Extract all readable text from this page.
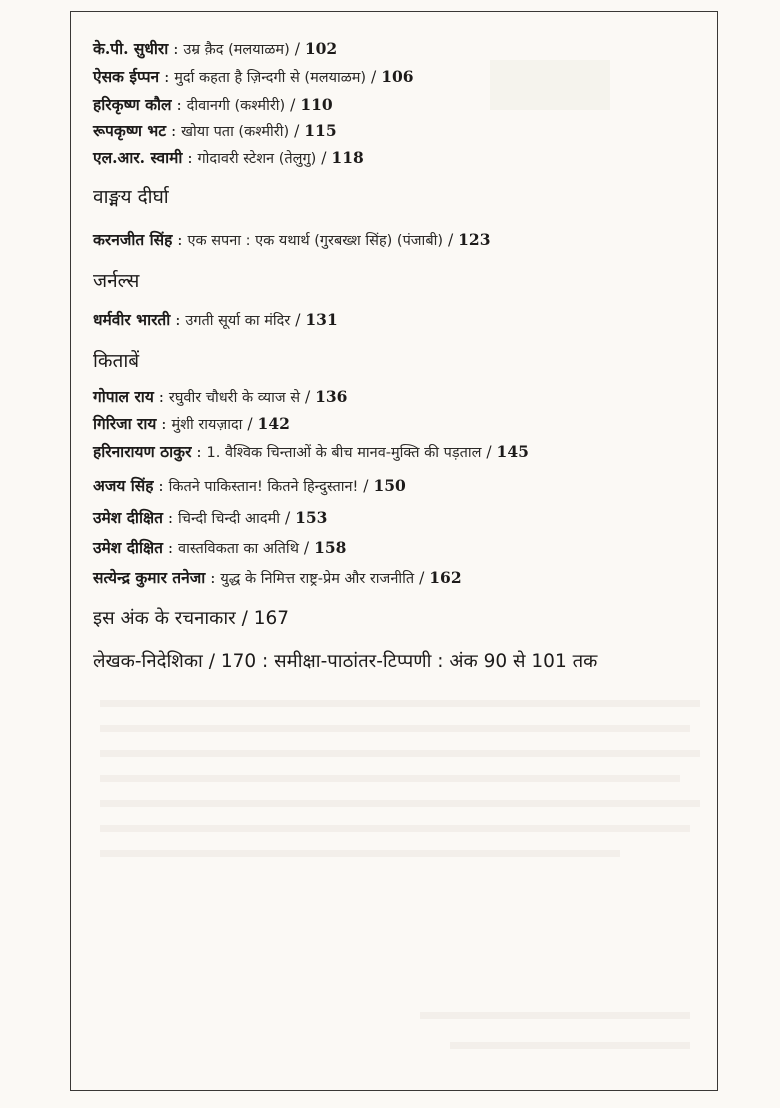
के.पी. सुधीरा : उम्र क़ैद (मलयाळम) / 102
ऐसक ईप्पन : मुर्दा कहता है ज़िन्दगी से (मलयाळम) / 106
हरिकृष्ण कौल : दीवानगी (कश्मीरी) / 110
रूपकृष्ण भट : खोया पता (कश्मीरी) / 115
एल.आर. स्वामी : गोदावरी स्टेशन (तेलुगु) / 118
वाङ्मय दीर्घा
करनजीत सिंह : एक सपना : एक यथार्थ (गुरबख्श सिंह) (पंजाबी) / 123
जर्नल्स
धर्मवीर भारती : उगती सूर्या का मंदिर / 131
किताबें
गोपाल राय : रघुवीर चौधरी के व्याज से / 136
गिरिजा राय : मुंशी रायज़ादा / 142
हरिनारायण ठाकुर : 1. वैश्विक चिन्ताओं के बीच मानव-मुक्ति की पड़ताल / 145
अजय सिंह : कितने पाकिस्तान! कितने हिन्दुस्तान! / 150
उमेश दीक्षित : चिन्दी चिन्दी आदमी / 153
उमेश दीक्षित : वास्तविकता का अतिथि / 158
सत्येन्द्र कुमार तनेजा : युद्ध के निमित्त राष्ट्र-प्रेम और राजनीति / 162
इस अंक के रचनाकार / 167
लेखक-निदेशिका / 170 : समीक्षा-पाठांतर-टिप्पणी : अंक 90 से 101 तक
